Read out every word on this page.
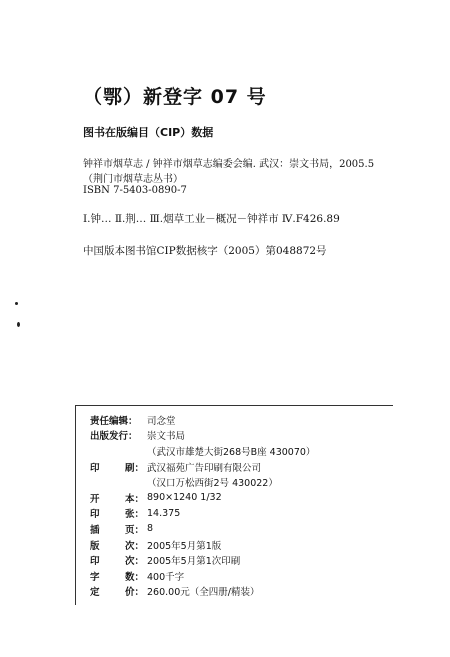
（鄂）新登字 07 号
图书在版编目（CIP）数据
钟祥市烟草志 / 钟祥市烟草志编委会编. 武汉：崇文书局，2005.5
（荆门市烟草志丛书）
ISBN 7-5403-0890-7
Ⅰ.钟… Ⅱ.荆… Ⅲ.烟草工业－概况－钟祥市 Ⅳ.F426.89
中国版本图书馆CIP数据核字（2005）第048872号
责任编辑： 司念堂
出版发行： 崇文书局
（武汉市雄楚大街268号B座 430070）
印	刷： 武汉福苑广告印刷有限公司
（汉口万松西街2号 430022）
开	本： 890×1240 1/32
印	张： 14.375
插	页： 8
版	次： 2005年5月第1版
印	次： 2005年5月第1次印刷
字	数： 400千字
定	价： 260.00元（全四册/精装）
